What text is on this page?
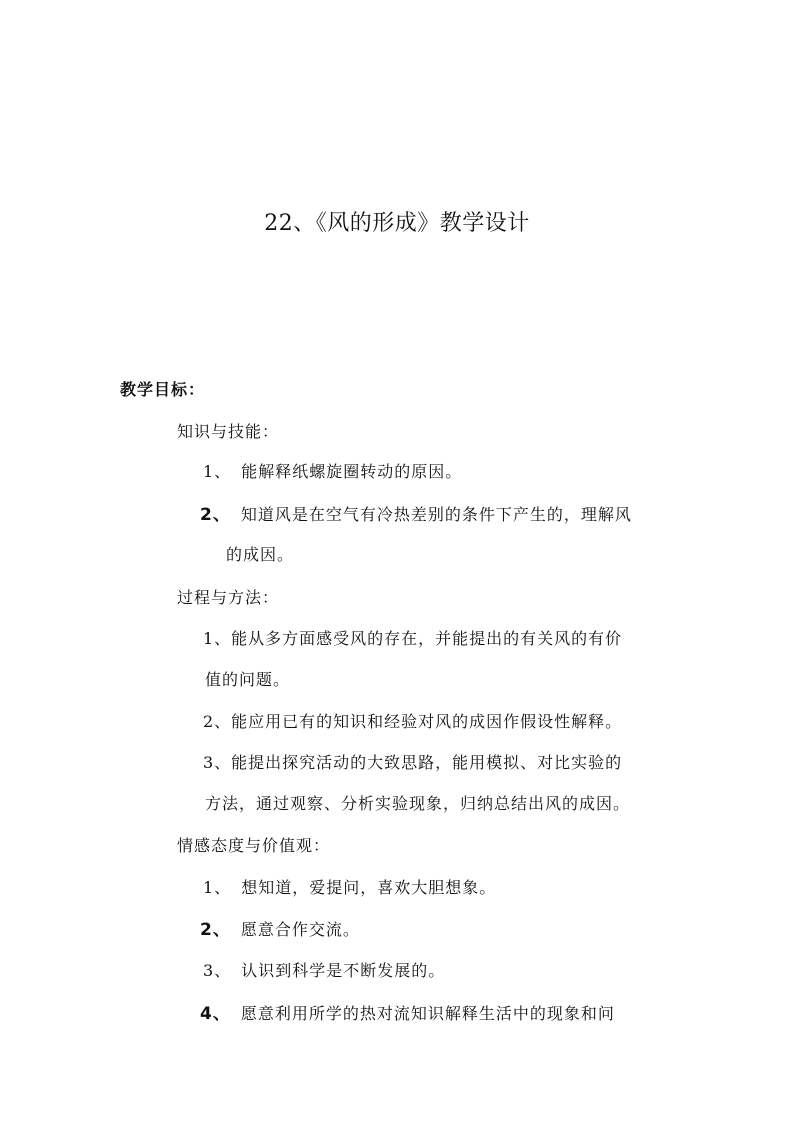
22、《风的形成》教学设计

教学目标：

知识与技能：

1、 能解释纸螺旋圈转动的原因。

2、 知道风是在空气有冷热差别的条件下产生的，理解风

的成因。

过程与方法：

1、能从多方面感受风的存在，并能提出的有关风的有价

值的问题。

2、能应用已有的知识和经验对风的成因作假设性解释。

3、能提出探究活动的大致思路，能用模拟、对比实验的

方法，通过观察、分析实验现象，归纳总结出风的成因。

情感态度与价值观：

1、 想知道，爱提问，喜欢大胆想象。

2、 愿意合作交流。

3、 认识到科学是不断发展的。

4、 愿意利用所学的热对流知识解释生活中的现象和问
